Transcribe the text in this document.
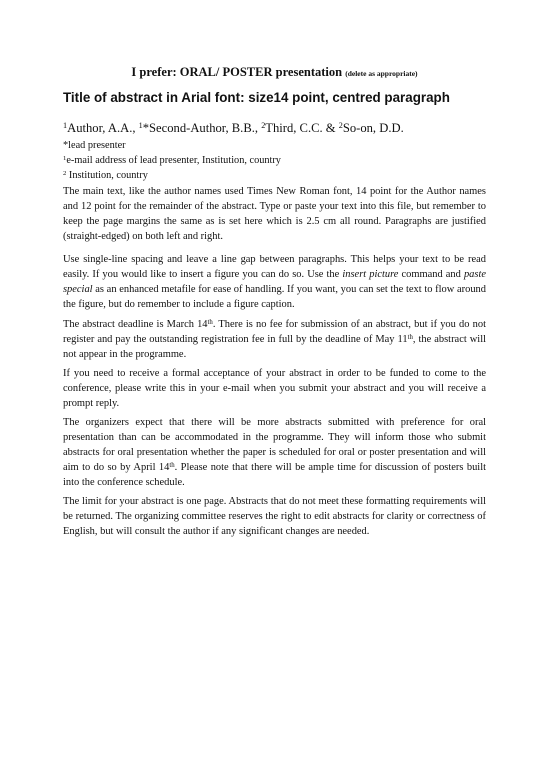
I prefer: ORAL/ POSTER presentation (delete as appropriate)
Title of abstract in Arial font: size14 point, centred paragraph
$^1$Author, A.A., $^1$*Second-Author, B.B., $^2$Third, C.C. & $^2$So-on, D.D.
*lead presenter
$^1$e-mail address of lead presenter, Institution, country
$^2$ Institution, country

The main text, like the author names used Times New Roman font, 14 point for the Author names and 12 point for the remainder of the abstract. Type or paste your text into this file, but remember to keep the page margins the same as is set here which is 2.5 cm all round. Paragraphs are justified (straight-edged) on both left and right.

Use single-line spacing and leave a line gap between paragraphs. This helps your text to be read easily. If you would like to insert a figure you can do so. Use the insert picture command and paste special as an enhanced metafile for ease of handling. If you want, you can set the text to flow around the figure, but do remember to include a figure caption.

The abstract deadline is March 14th. There is no fee for submission of an abstract, but if you do not register and pay the outstanding registration fee in full by the deadline of May 11th, the abstract will not appear in the programme.

If you need to receive a formal acceptance of your abstract in order to be funded to come to the conference, please write this in your e-mail when you submit your abstract and you will receive a prompt reply.

The organizers expect that there will be more abstracts submitted with preference for oral presentation than can be accommodated in the programme. They will inform those who submit abstracts for oral presentation whether the paper is scheduled for oral or poster presentation and will aim to do so by April 14th. Please note that there will be ample time for discussion of posters built into the conference schedule.

The limit for your abstract is one page. Abstracts that do not meet these formatting requirements will be returned. The organizing committee reserves the right to edit abstracts for clarity or correctness of English, but will consult the author if any significant changes are needed.
